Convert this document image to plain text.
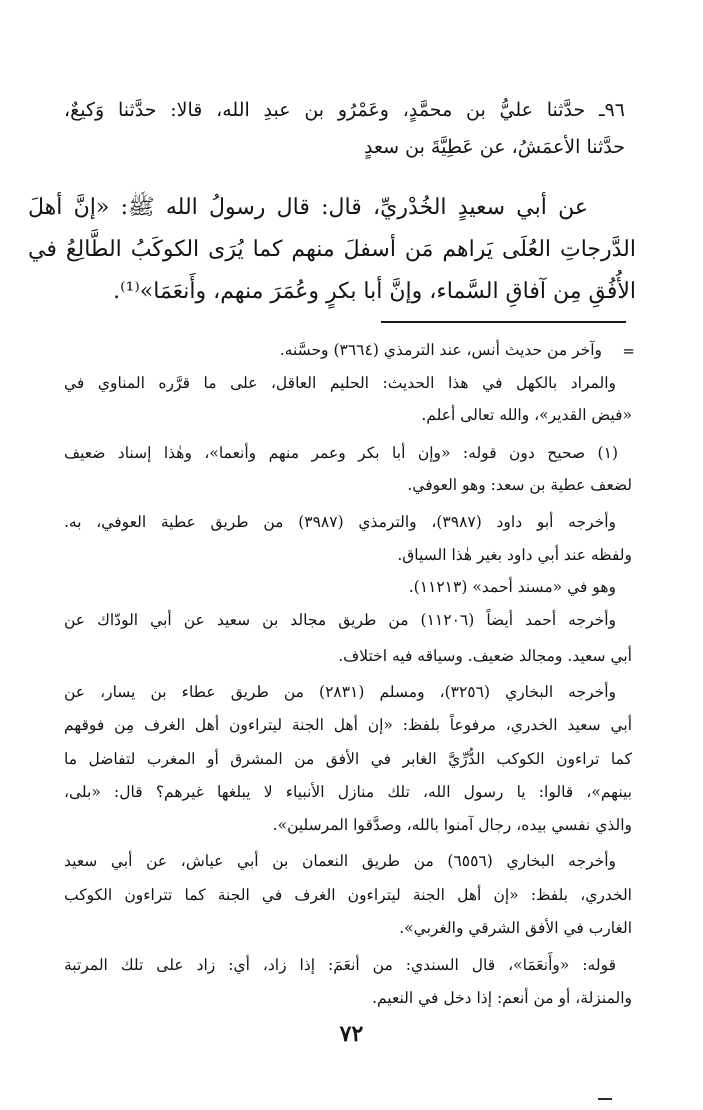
٩٦ـ حدَّثنا عليُّ بن محمَّدٍ، وعَمْرُو بن عبدِ الله، قالا: حدَّثنا وَكيعٌ،
حدَّثنا الأعمَشُ، عن عَطِيَّةَ بن سعدٍ
عن أبي سعيدٍ الخُدْريِّ، قال: قال رسولُ الله ﷺ: «إنَّ أهلَ
الدَّرجاتِ العُلَى يَراهم مَن أسفلَ منهم كما يُرَى الكوكَبُ الطَّالِعُ في
الأُفُقِ مِن آفاقِ السَّماء، وإنَّ أبا بكرٍ وعُمَرَ منهم، وأَنعَمَا»⁽¹⁾.
=
وآخر من حديث أنس، عند الترمذي (٣٦٦٤) وحسَّنه.
والمراد بالكهل في هذا الحديث: الحليم العاقل، على ما قرَّره المناوي في
«فيض القدير»، والله تعالى أعلم.
(١) صحيح دون قوله: «وإن أبا بكر وعمر منهم وأنعما»، وهٰذا إسناد ضعيف
لضعف عطية بن سعد: وهو العوفي.
وأخرجه أبو داود (٣٩٨٧)، والترمذي (٣٩٨٧) من طريق عطية العوفي، به.
ولفظه عند أبي داود بغير هٰذا السياق.
وهو في «مسند أحمد» (١١٢١٣).
وأخرجه أحمد أيضاً (١١٢٠٦) من طريق مجالد بن سعيد عن أبي الودّاك عن
أبي سعيد. ومجالد ضعيف. وسياقه فيه اختلاف.
وأخرجه البخاري (٣٢٥٦)، ومسلم (٢٨٣١) من طريق عطاء بن يسار، عن
أبي سعيد الخدري، مرفوعاً بلفظ: «إن أهل الجنة ليتراءون أهل الغرف مِن فوقهم
كما تراءون الكوكب الدُّرِّيَّ الغابر في الأفق من المشرق أو المغرب لتفاضل ما
بينهم»، قالوا: يا رسول الله، تلك منازل الأنبياء لا يبلغها غيرهم؟ قال: «بلى،
والذي نفسي بيده، رجال آمنوا بالله، وصدَّقوا المرسلين».
وأخرجه البخاري (٦٥٥٦) من طريق النعمان بن أبي عياش، عن أبي سعيد
الخدري، بلفظ: «إن أهل الجنة ليتراءون الغرف في الجنة كما تتراءون الكوكب
الغارب في الأفق الشرقي والغربي».
قوله: «وأَنعَمَا»، قال السندي: من أنعَمَ: إذا زاد، أي: زاد على تلك المرتبة
والمنزلة، أو من أنعم: إذا دخل في النعيم.
٧٢
